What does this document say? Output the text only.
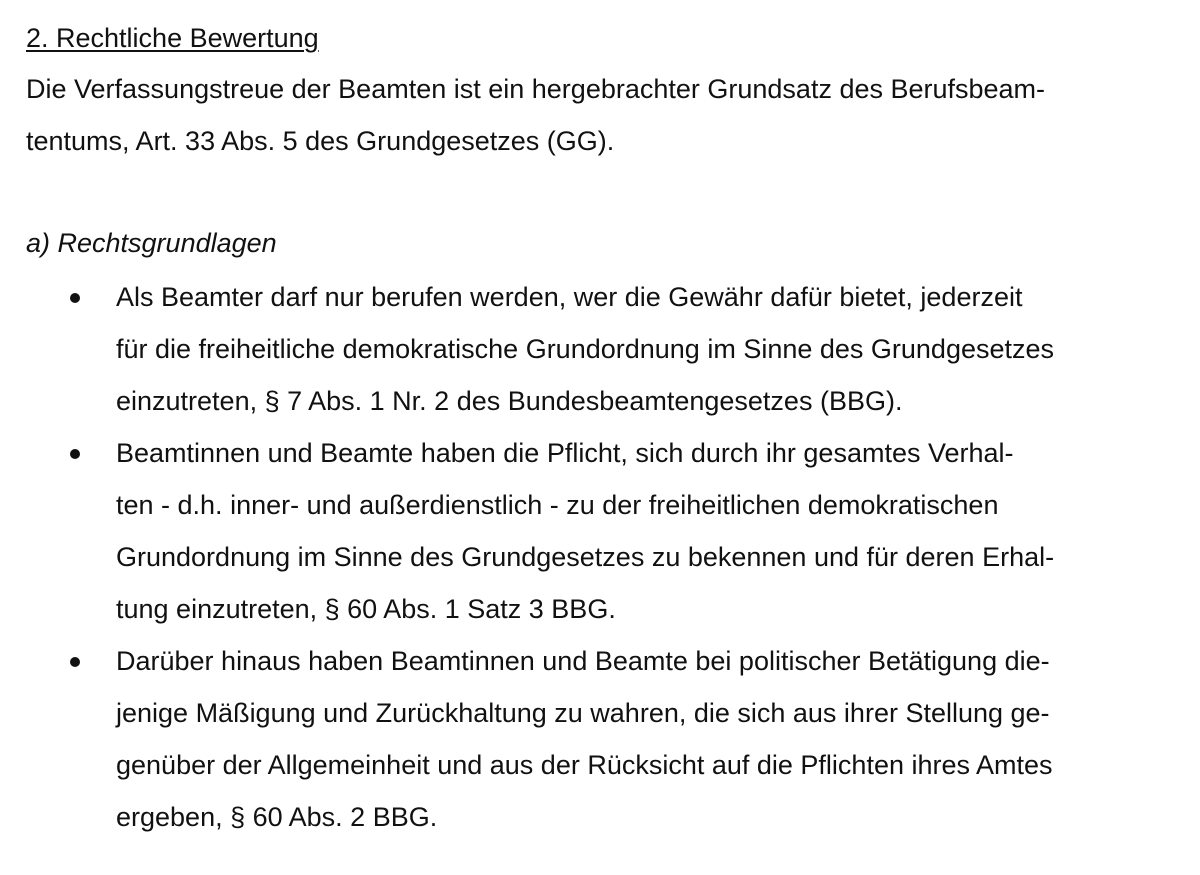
2. Rechtliche Bewertung
Die Verfassungstreue der Beamten ist ein hergebrachter Grundsatz des Berufsbeam-
tentums, Art. 33 Abs. 5 des Grundgesetzes (GG).
a) Rechtsgrundlagen
Als Beamter darf nur berufen werden, wer die Gewähr dafür bietet, jederzeit
für die freiheitliche demokratische Grundordnung im Sinne des Grundgesetzes
einzutreten, § 7 Abs. 1 Nr. 2 des Bundesbeamtengesetzes (BBG).
Beamtinnen und Beamte haben die Pflicht, sich durch ihr gesamtes Verhal-
ten - d.h. inner- und außerdienstlich - zu der freiheitlichen demokratischen
Grundordnung im Sinne des Grundgesetzes zu bekennen und für deren Erhal-
tung einzutreten, § 60 Abs. 1 Satz 3 BBG.
Darüber hinaus haben Beamtinnen und Beamte bei politischer Betätigung die-
jenige Mäßigung und Zurückhaltung zu wahren, die sich aus ihrer Stellung ge-
genüber der Allgemeinheit und aus der Rücksicht auf die Pflichten ihres Amtes
ergeben, § 60 Abs. 2 BBG.
